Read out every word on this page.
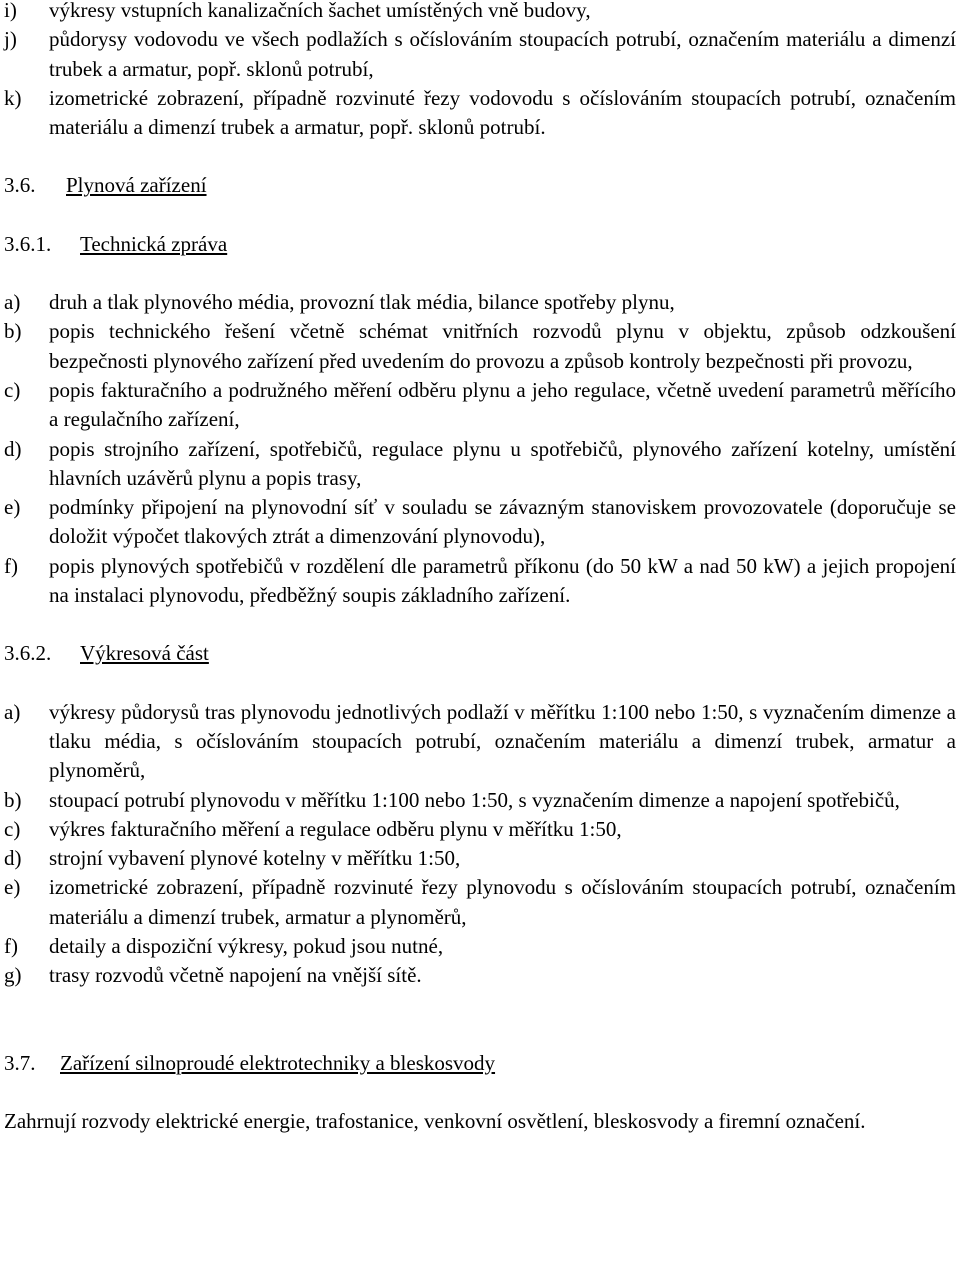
i)	výkresy vstupních kanalizačních šachet umístěných vně budovy,
j)	půdorysy vodovodu ve všech podlažích s očíslováním stoupacích potrubí, označením materiálu a dimenzí trubek a armatur, popř. sklonů potrubí,
k)	izometrické zobrazení, případně rozvinuté řezy vodovodu s očíslováním stoupacích potrubí, označením materiálu a dimenzí trubek a armatur, popř. sklonů potrubí.
3.6.	Plynová zařízení
3.6.1.	Technická zpráva
a)	druh a tlak plynového média, provozní tlak média, bilance spotřeby plynu,
b)	popis technického řešení včetně schémat vnitřních rozvodů plynu v objektu, způsob odzkoušení bezpečnosti plynového zařízení před uvedením do provozu a způsob kontroly bezpečnosti při provozu,
c)	popis fakturačního a podružného měření odběru plynu a jeho regulace, včetně uvedení parametrů měřícího a regulačního zařízení,
d)	popis strojního zařízení, spotřebičů, regulace plynu u spotřebičů, plynového zařízení kotelny, umístění hlavních uzávěrů plynu a popis trasy,
e)	podmínky připojení na plynovodní síť v souladu se závazným stanoviskem provozovatele (doporučuje se doložit výpočet tlakových ztrát a dimenzování plynovodu),
f)	popis plynových spotřebičů v rozdělení dle parametrů příkonu (do 50 kW a nad 50 kW) a jejich propojení na instalaci plynovodu, předběžný soupis základního zařízení.
3.6.2.	Výkresová část
a)	výkresy půdorysů tras plynovodu jednotlivých podlaží v měřítku 1:100 nebo 1:50, s vyznačením dimenze a tlaku média, s očíslováním stoupacích potrubí, označením materiálu a dimenzí trubek, armatur a plynoměrů,
b)	stoupací potrubí plynovodu v měřítku 1:100 nebo 1:50, s vyznačením dimenze a napojení spotřebičů,
c)	výkres fakturačního měření a regulace odběru plynu v měřítku 1:50,
d)	strojní vybavení plynové kotelny v měřítku 1:50,
e)	izometrické zobrazení, případně rozvinuté řezy plynovodu s očíslováním stoupacích potrubí, označením materiálu a dimenzí trubek, armatur a plynoměrů,
f)	detaily a dispoziční výkresy, pokud jsou nutné,
g)	trasy rozvodů včetně napojení na vnější sítě.
3.7.	Zařízení silnoproudé elektrotechniky a bleskosvody
Zahrnují rozvody elektrické energie, trafostanice, venkovní osvětlení, bleskosvody a firemní označení.
